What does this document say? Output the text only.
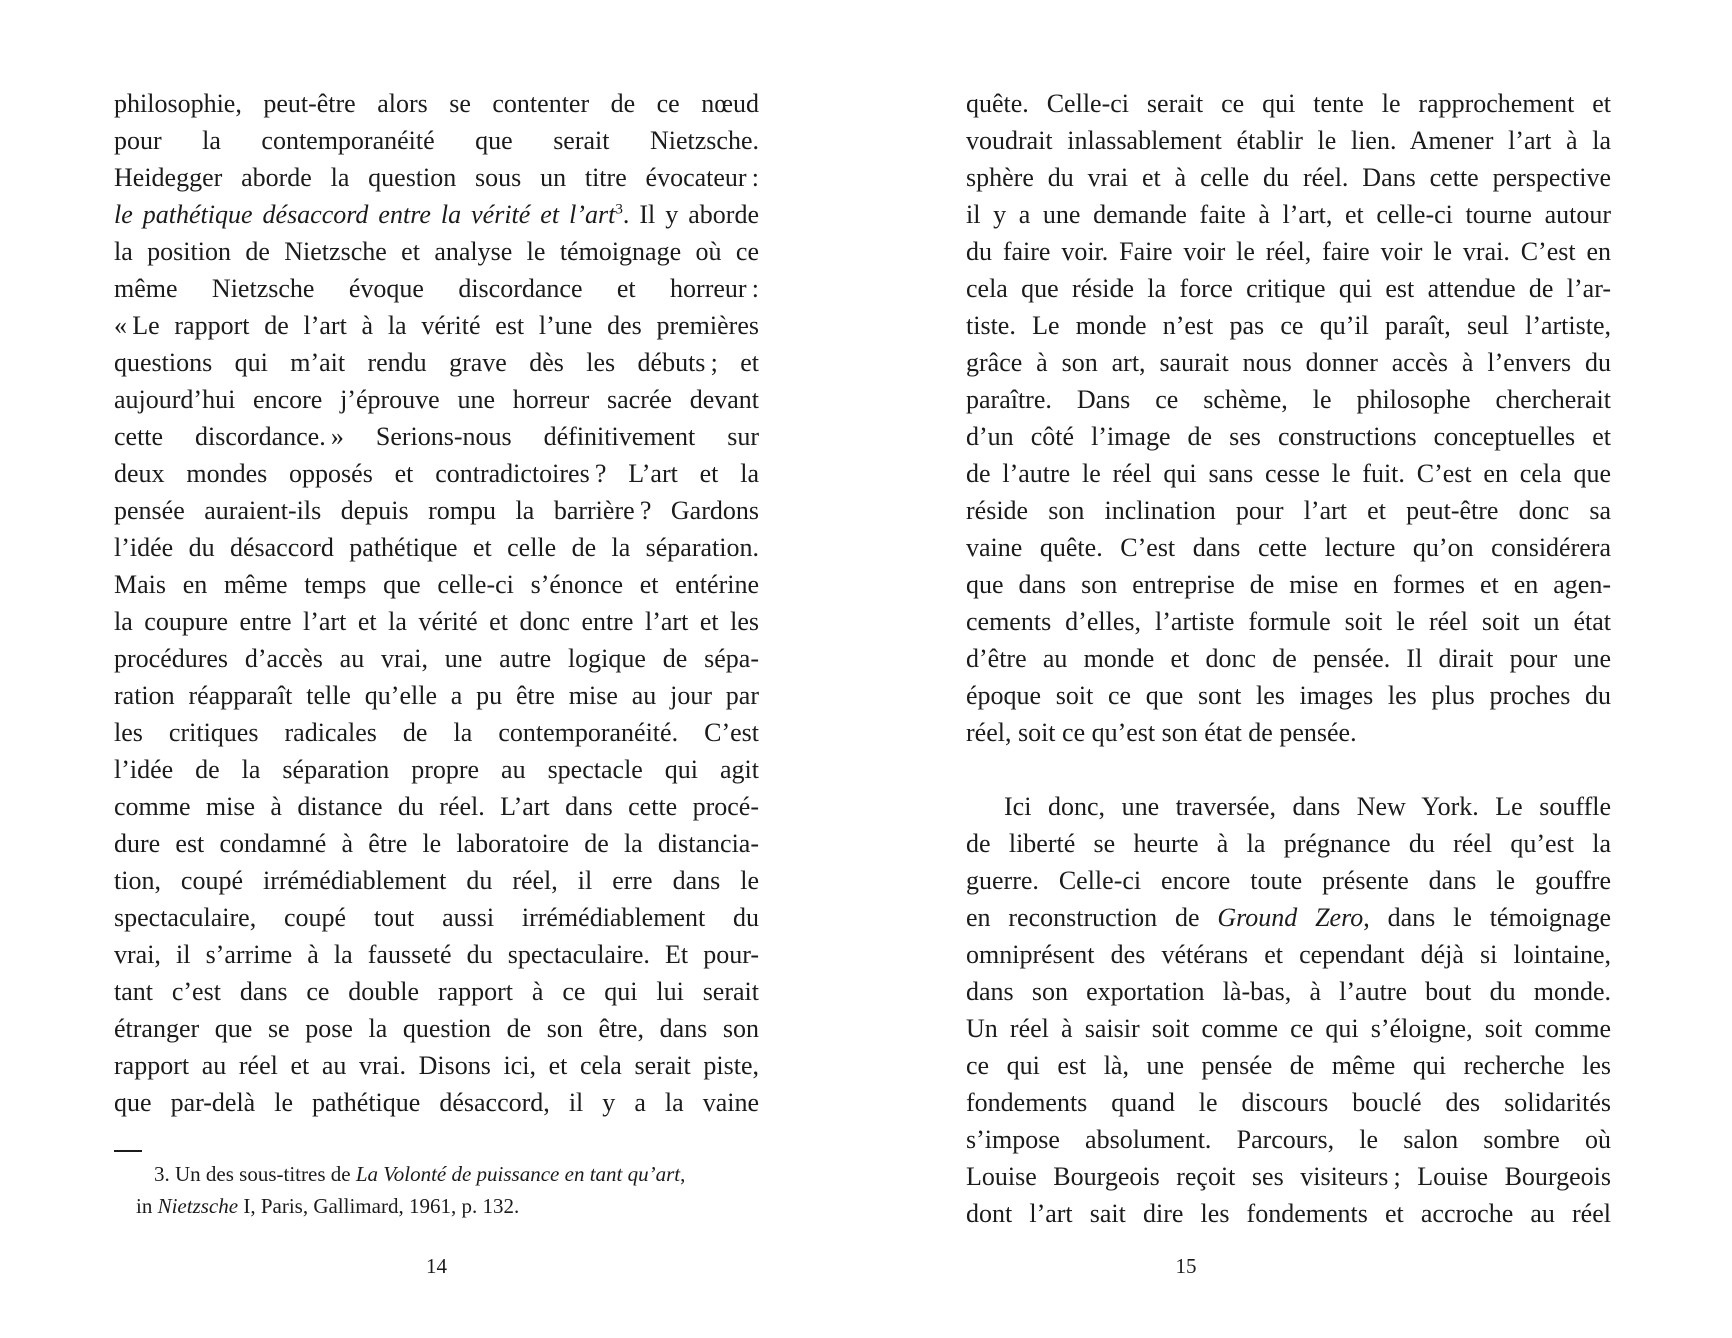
philosophie, peut-être alors se contenter de ce nœud
pour la contemporanéité que serait Nietzsche.
Heidegger aborde la question sous un titre évocateur :
le pathétique désaccord entre la vérité et l’art$^3$. Il y aborde
la position de Nietzsche et analyse le témoignage où ce
même Nietzsche évoque discordance et horreur :
« Le rapport de l’art à la vérité est l’une des premières
questions qui m’ait rendu grave dès les débuts ; et
aujourd’hui encore j’éprouve une horreur sacrée devant
cette discordance. » Serions-nous définitivement sur
deux mondes opposés et contradictoires ? L’art et la
pensée auraient-ils depuis rompu la barrière ? Gardons
l’idée du désaccord pathétique et celle de la séparation.
Mais en même temps que celle-ci s’énonce et entérine
la coupure entre l’art et la vérité et donc entre l’art et les
procédures d’accès au vrai, une autre logique de sépa-
ration réapparaît telle qu’elle a pu être mise au jour par
les critiques radicales de la contemporanéité. C’est
l’idée de la séparation propre au spectacle qui agit
comme mise à distance du réel. L’art dans cette procé-
dure est condamné à être le laboratoire de la distancia-
tion, coupé irrémédiablement du réel, il erre dans le
spectaculaire, coupé tout aussi irrémédiablement du
vrai, il s’arrime à la fausseté du spectaculaire. Et pour-
tant c’est dans ce double rapport à ce qui lui serait
étranger que se pose la question de son être, dans son
rapport au réel et au vrai. Disons ici, et cela serait piste,
que par-delà le pathétique désaccord, il y a la vaine
3. Un des sous-titres de La Volonté de puissance en tant qu’art,
in Nietzsche I, Paris, Gallimard, 1961, p. 132.
14
quête. Celle-ci serait ce qui tente le rapprochement et
voudrait inlassablement établir le lien. Amener l’art à la
sphère du vrai et à celle du réel. Dans cette perspective
il y a une demande faite à l’art, et celle-ci tourne autour
du faire voir. Faire voir le réel, faire voir le vrai. C’est en
cela que réside la force critique qui est attendue de l’ar-
tiste. Le monde n’est pas ce qu’il paraît, seul l’artiste,
grâce à son art, saurait nous donner accès à l’envers du
paraître. Dans ce schème, le philosophe chercherait
d’un côté l’image de ses constructions conceptuelles et
de l’autre le réel qui sans cesse le fuit. C’est en cela que
réside son inclination pour l’art et peut-être donc sa
vaine quête. C’est dans cette lecture qu’on considérera
que dans son entreprise de mise en formes et en agen-
cements d’elles, l’artiste formule soit le réel soit un état
d’être au monde et donc de pensée. Il dirait pour une
époque soit ce que sont les images les plus proches du
réel, soit ce qu’est son état de pensée.
Ici donc, une traversée, dans New York. Le souffle
de liberté se heurte à la prégnance du réel qu’est la
guerre. Celle-ci encore toute présente dans le gouffre
en reconstruction de Ground Zero, dans le témoignage
omniprésent des vétérans et cependant déjà si lointaine,
dans son exportation là-bas, à l’autre bout du monde.
Un réel à saisir soit comme ce qui s’éloigne, soit comme
ce qui est là, une pensée de même qui recherche les
fondements quand le discours bouclé des solidarités
s’impose absolument. Parcours, le salon sombre où
Louise Bourgeois reçoit ses visiteurs ; Louise Bourgeois
dont l’art sait dire les fondements et accroche au réel
15
